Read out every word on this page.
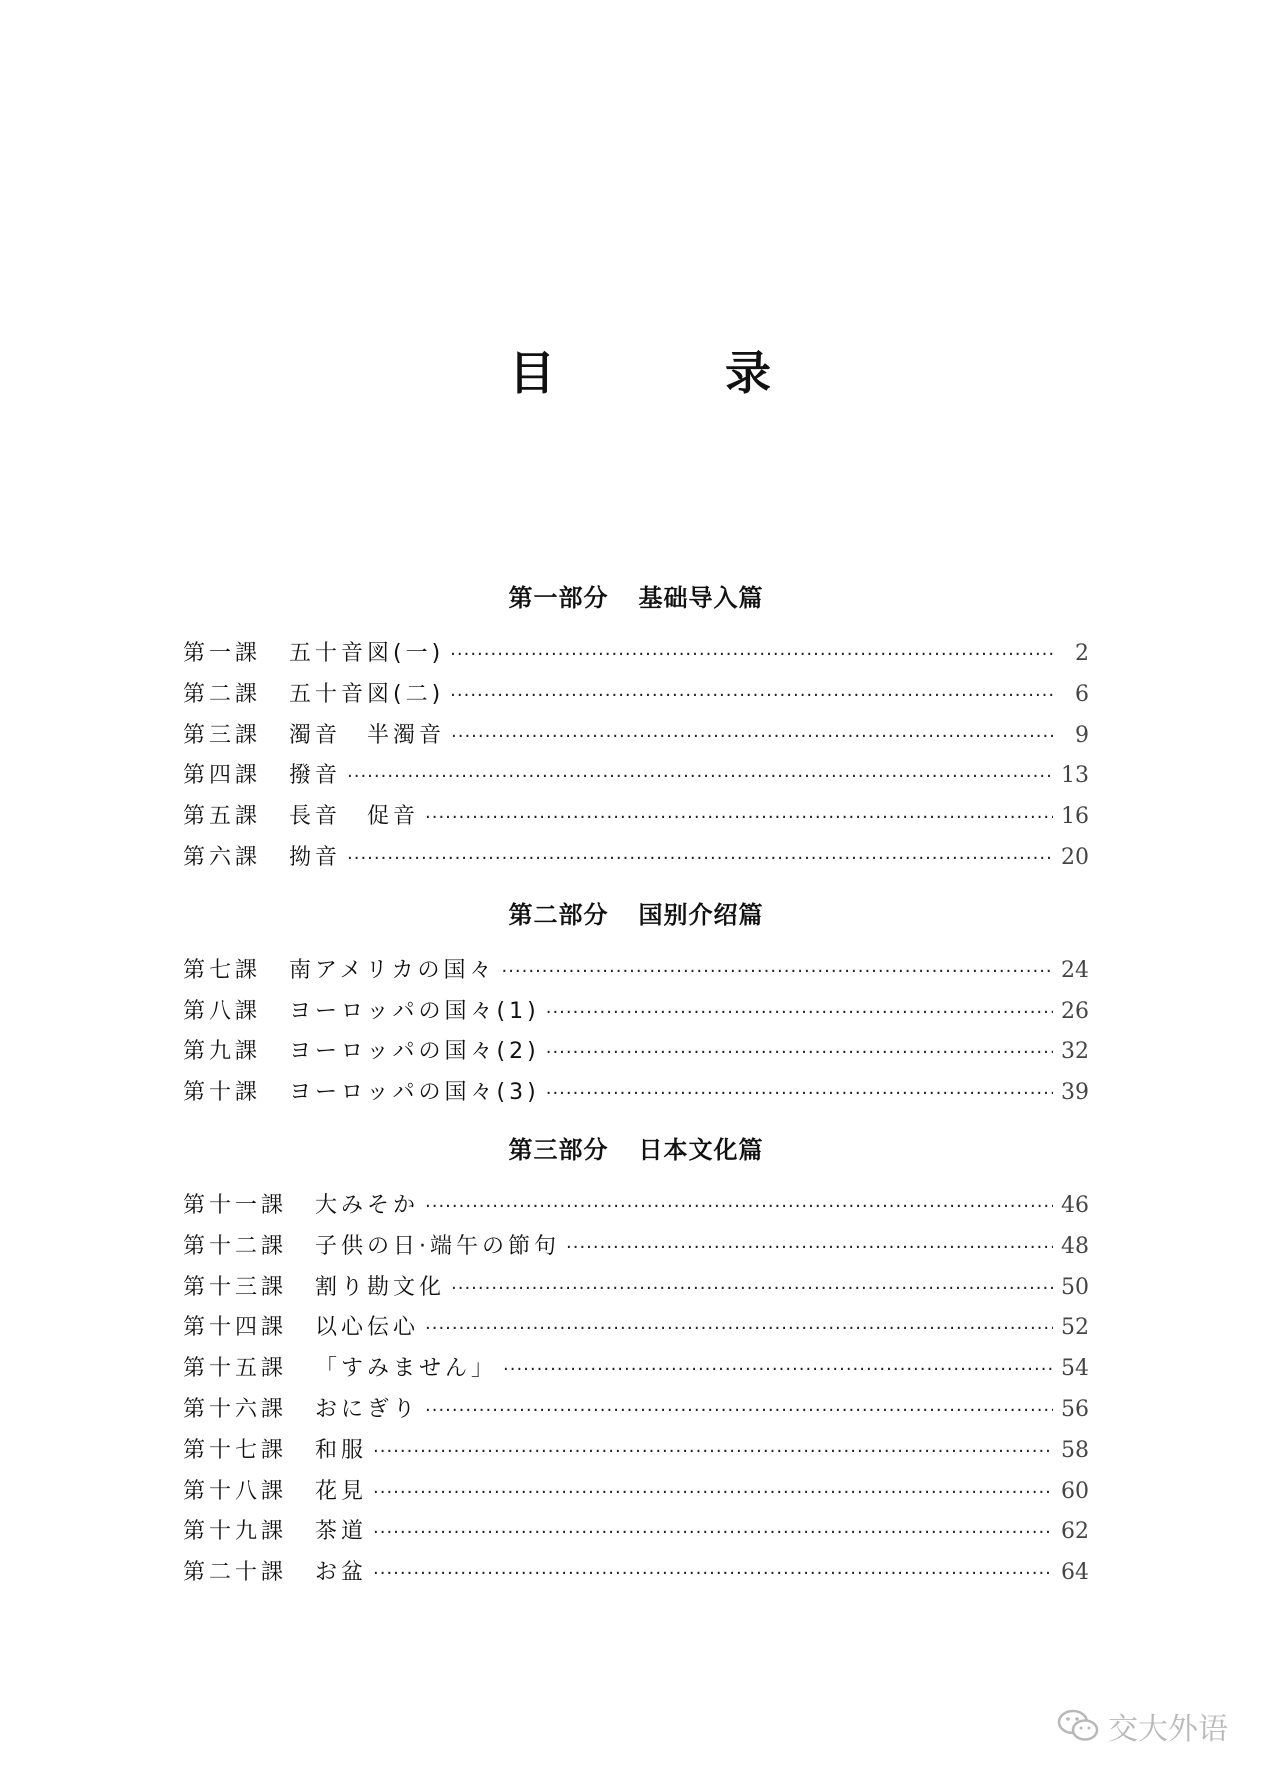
目　录
第一部分 基础导入篇
第一課	五十音図(一) ·····	2
第二課	五十音図(二) ·····	6
第三課	濁音　半濁音 ·····	9
第四課	撥音 ·····	13
第五課	長音　促音 ·····	16
第六課	拗音 ·····	20
第二部分 国别介绍篇
第七課	南アメリカの国々 ·····	24
第八課	ヨーロッパの国々(1) ·····	26
第九課	ヨーロッパの国々(2) ·····	32
第十課	ヨーロッパの国々(3) ·····	39
第三部分 日本文化篇
第十一課	大みそか ·····	46
第十二課	子供の日·端午の節句 ·····	48
第十三課	割り勘文化 ·····	50
第十四課	以心伝心 ·····	52
第十五課	「すみません」 ·····	54
第十六課	おにぎり ·····	56
第十七課	和服 ·····	58
第十八課	花見 ·····	60
第十九課	茶道 ·····	62
第二十課	お盆 ·····	64
交大外语
